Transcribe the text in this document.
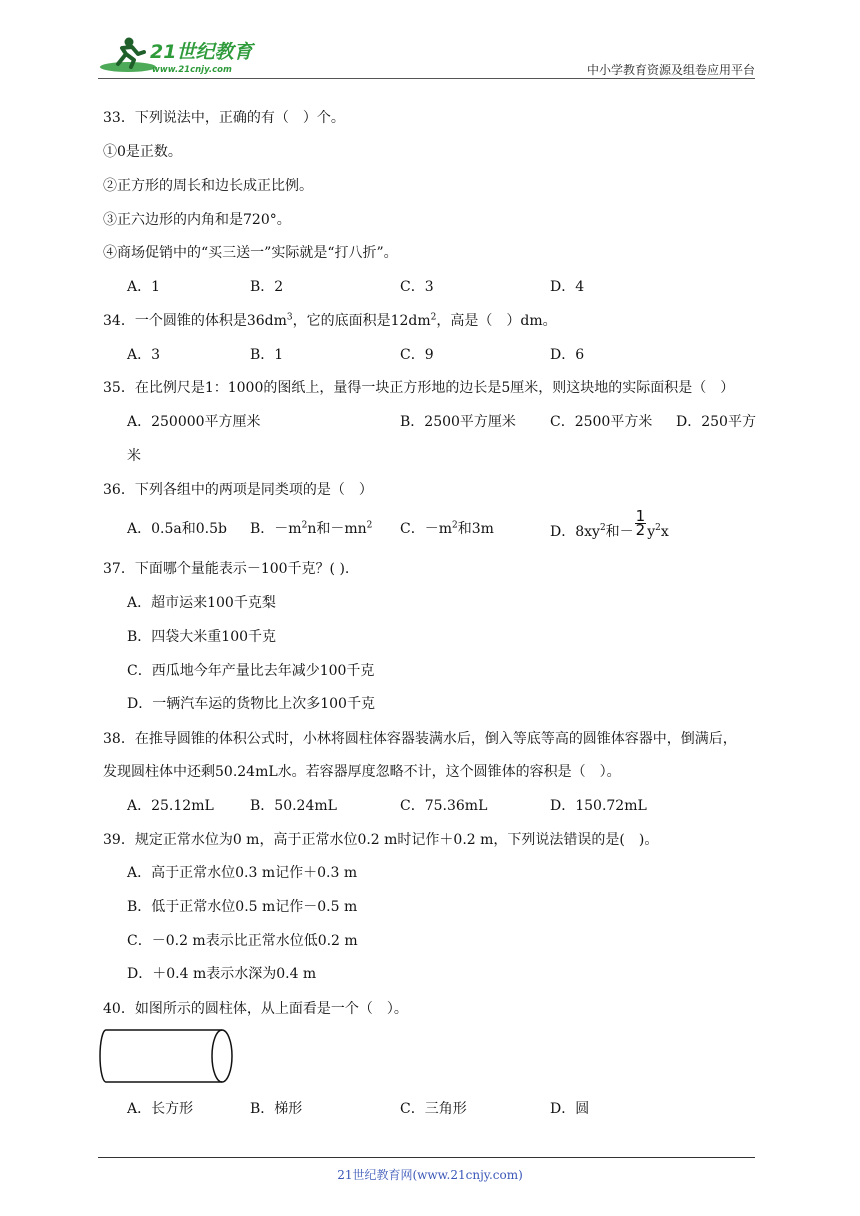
21世纪教育
www.21cnjy.com	中小学教育资源及组卷应用平台
33．下列说法中，正确的有（　）个。
①0是正数。
②正方形的周长和边长成正比例。
③正六边形的内角和是720°。
④商场促销中的“买三送一”实际就是“打八折”。
A．1	B．2	C．3	D．4
34．一个圆锥的体积是$36dm^3$，它的底面积是$12dm^2$，高是（　）dm。
A．3	B．1	C．9	D．6
35．在比例尺是1：1000的图纸上，量得一块正方形地的边长是5厘米，则这块地的实际面积是（　）
A．250000平方厘米	B．2500平方厘米 C．2500平方米 D．250平方
米
36．下列各组中的两项是同类项的是（　）
A．0.5a和0.5b B．$-m^2n$和$-mn^2$ C．$-m^2$和3m	D．$8xy^2$和－ $\frac{1}{2} y^2x$
37．下面哪个量能表示－100千克？( ).
A．超市运来100千克梨
B．四袋大米重100千克
C．西瓜地今年产量比去年减少100千克
D．一辆汽车运的货物比上次多100千克
38．在推导圆锥的体积公式时，小林将圆柱体容器装满水后，倒入等底等高的圆锥体容器中，倒满后，
发现圆柱体中还剩50.24mL水。若容器厚度忽略不计，这个圆锥体的容积是（　）。
A．25.12mL	B．50.24mL	C．75.36mL	D．150.72mL
39．规定正常水位为0 m，高于正常水位0.2 m时记作＋0.2 m，下列说法错误的是(　)。
A．高于正常水位0.3 m记作＋0.3 m
B．低于正常水位0.5 m记作－0.5 m
C．－0.2 m表示比正常水位低0.2 m
D．＋0.4 m表示水深为0.4 m
40．如图所示的圆柱体，从上面看是一个（　）。
A．长方形	B．梯形	C．三角形	D．圆
21世纪教育网(www.21cnjy.com)
